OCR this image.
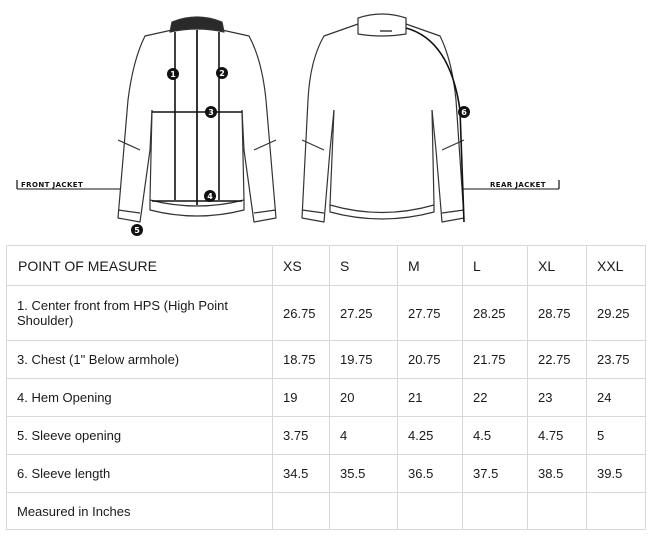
1	2
3
4
5
FRONT JACKET
6
REAR JACKET
POINT OF MEASURE	XS	S	M	L	XL	XXL
1. Center front from HPS (High Point Shoulder)	26.75	27.25	27.75	28.25	28.75	29.25
3. Chest (1" Below armhole)	18.75	19.75	20.75	21.75	22.75	23.75
4. Hem Opening	19	20	21	22	23	24
5. Sleeve opening	3.75	4	4.25	4.5	4.75	5
6. Sleeve length	34.5	35.5	36.5	37.5	38.5	39.5
Measured in Inches						
